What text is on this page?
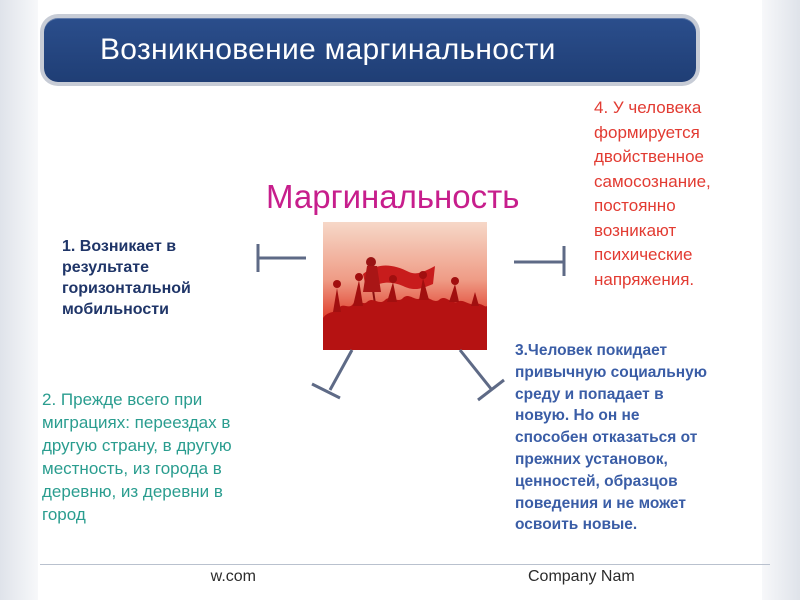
Возникновение маргинальности
Маргинальность

1. Возникает в
результате
горизонтальной
мобильности

2. Прежде всего при
миграциях: переездах в
другую страну, в другую
местность, из города в
деревню, из деревни в
город

3.Человек покидает
привычную социальную
среду и попадает в
новую. Но он не
способен отказаться от
прежних установок,
ценностей, образцов
поведения и не может
освоить новые.

4. У человека
формируется
двойственное
самосознание,
постоянно
возникают
психические
напряжения.

w.com	Company Nam
